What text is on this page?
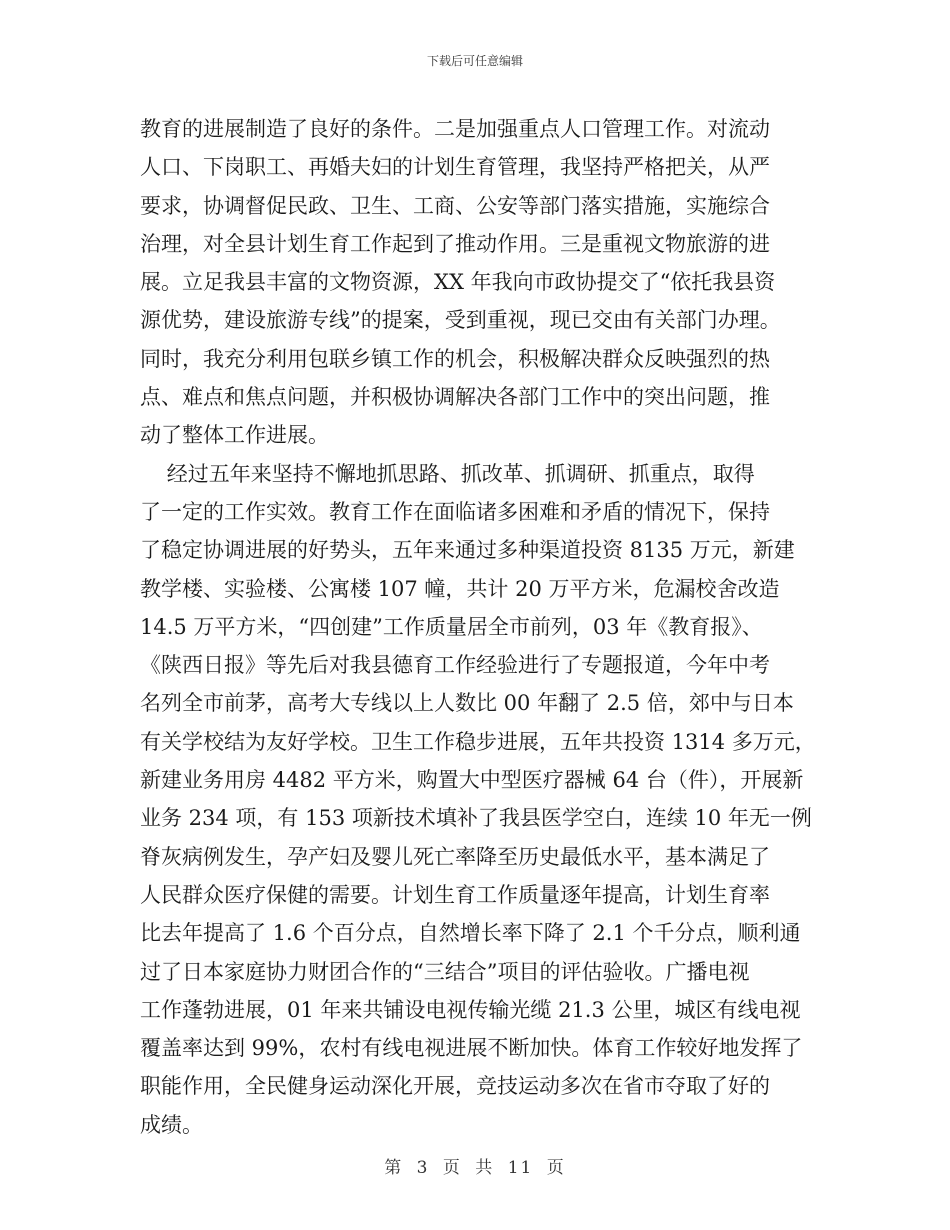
下载后可任意编辑
教育的进展制造了良好的条件。二是加强重点人口管理工作。对流动
人口、下岗职工、再婚夫妇的计划生育管理，我坚持严格把关，从严
要求，协调督促民政、卫生、工商、公安等部门落实措施，实施综合
治理，对全县计划生育工作起到了推动作用。三是重视文物旅游的进
展。立足我县丰富的文物资源，XX 年我向市政协提交了“依托我县资
源优势，建设旅游专线”的提案，受到重视，现已交由有关部门办理。
同时，我充分利用包联乡镇工作的机会，积极解决群众反映强烈的热
点、难点和焦点问题，并积极协调解决各部门工作中的突出问题，推
动了整体工作进展。
经过五年来坚持不懈地抓思路、抓改革、抓调研、抓重点，取得
了一定的工作实效。教育工作在面临诸多困难和矛盾的情况下，保持
了稳定协调进展的好势头，五年来通过多种渠道投资 8135 万元，新建
教学楼、实验楼、公寓楼 107 幢，共计 20 万平方米，危漏校舍改造
14.5 万平方米，“四创建”工作质量居全市前列，03 年《教育报》、
《陕西日报》等先后对我县德育工作经验进行了专题报道，今年中考
名列全市前茅，高考大专线以上人数比 00 年翻了 2.5 倍，郊中与日本
有关学校结为友好学校。卫生工作稳步进展，五年共投资 1314 多万元，
新建业务用房 4482 平方米，购置大中型医疗器械 64 台（件），开展新
业务 234 项，有 153 项新技术填补了我县医学空白，连续 10 年无一例
脊灰病例发生，孕产妇及婴儿死亡率降至历史最低水平，基本满足了
人民群众医疗保健的需要。计划生育工作质量逐年提高，计划生育率
比去年提高了 1.6 个百分点，自然增长率下降了 2.1 个千分点，顺利通
过了日本家庭协力财团合作的“三结合”项目的评估验收。广播电视
工作蓬勃进展，01 年来共铺设电视传输光缆 21.3 公里，城区有线电视
覆盖率达到 99%，农村有线电视进展不断加快。体育工作较好地发挥了
职能作用，全民健身运动深化开展，竞技运动多次在省市夺取了好的
成绩。
第 3 页 共 11 页
